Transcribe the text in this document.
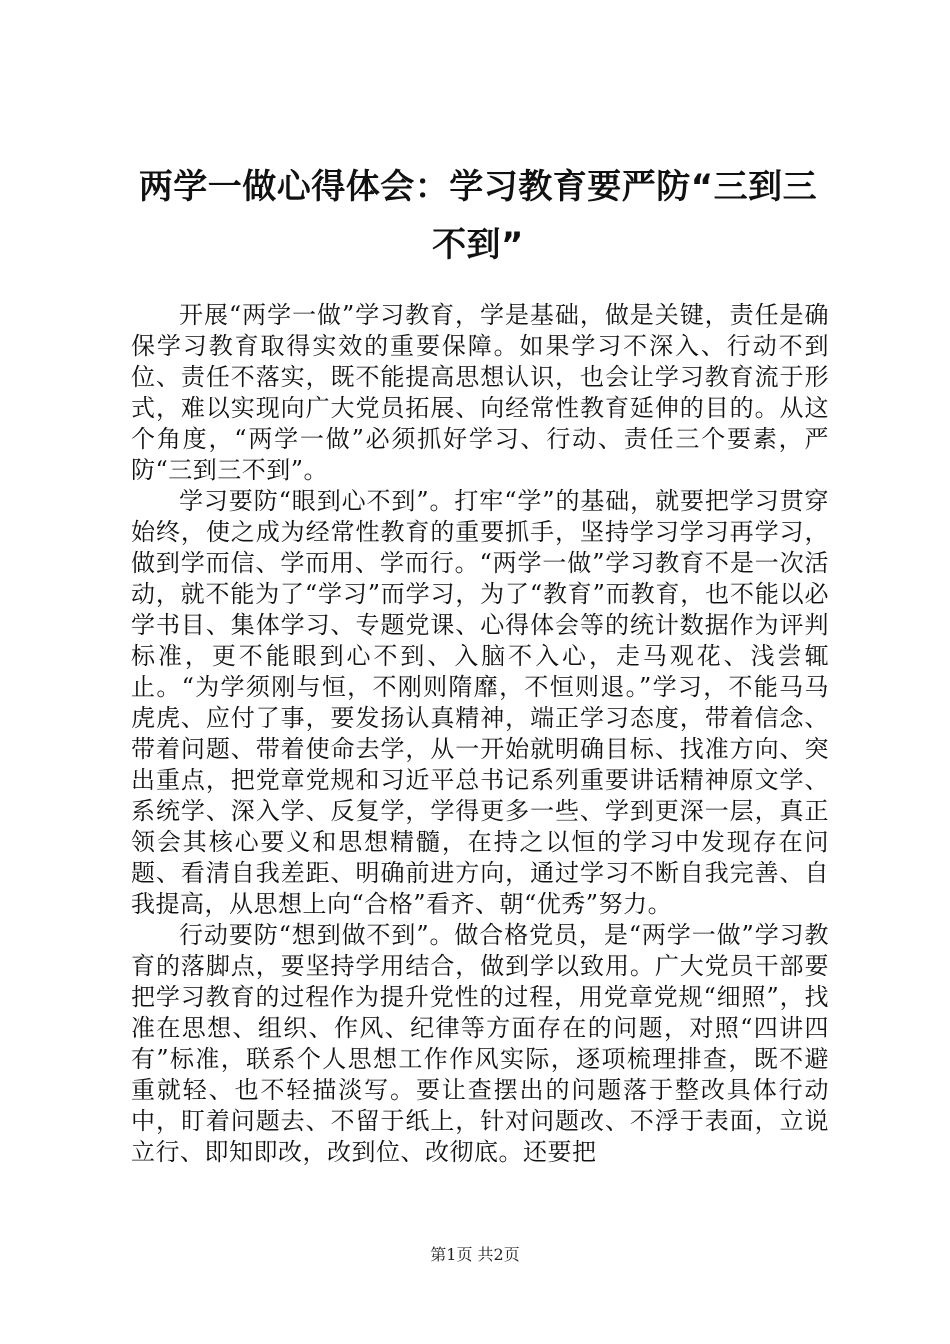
两学一做心得体会：学习教育要严防“三到三不到”

开展“两学一做”学习教育，学是基础，做是关键，责任是确保学习教育取得实效的重要保障。如果学习不深入、行动不到位、责任不落实，既不能提高思想认识，也会让学习教育流于形式，难以实现向广大党员拓展、向经常性教育延伸的目的。从这个角度，“两学一做”必须抓好学习、行动、责任三个要素，严防“三到三不到”。

学习要防“眼到心不到”。打牢“学”的基础，就要把学习贯穿始终，使之成为经常性教育的重要抓手，坚持学习学习再学习，做到学而信、学而用、学而行。“两学一做”学习教育不是一次活动，就不能为了“学习”而学习，为了“教育”而教育，也不能以必学书目、集体学习、专题党课、心得体会等的统计数据作为评判标准，更不能眼到心不到、入脑不入心，走马观花、浅尝辄止。“为学须刚与恒，不刚则隋靡，不恒则退。”学习，不能马马虎虎、应付了事，要发扬认真精神，端正学习态度，带着信念、带着问题、带着使命去学，从一开始就明确目标、找准方向、突出重点，把党章党规和习近平总书记系列重要讲话精神原文学、系统学、深入学、反复学，学得更多一些、学到更深一层，真正领会其核心要义和思想精髓，在持之以恒的学习中发现存在问题、看清自我差距、明确前进方向，通过学习不断自我完善、自我提高，从思想上向“合格”看齐、朝“优秀”努力。

行动要防“想到做不到”。做合格党员，是“两学一做”学习教育的落脚点，要坚持学用结合，做到学以致用。广大党员干部要把学习教育的过程作为提升党性的过程，用党章党规“细照”，找准在思想、组织、作风、纪律等方面存在的问题，对照“四讲四有”标准，联系个人思想工作作风实际，逐项梳理排查，既不避重就轻、也不轻描淡写。要让查摆出的问题落于整改具体行动中，盯着问题去、不留于纸上，针对问题改、不浮于表面，立说立行、即知即改，改到位、改彻底。还要把

第1页 共2页
